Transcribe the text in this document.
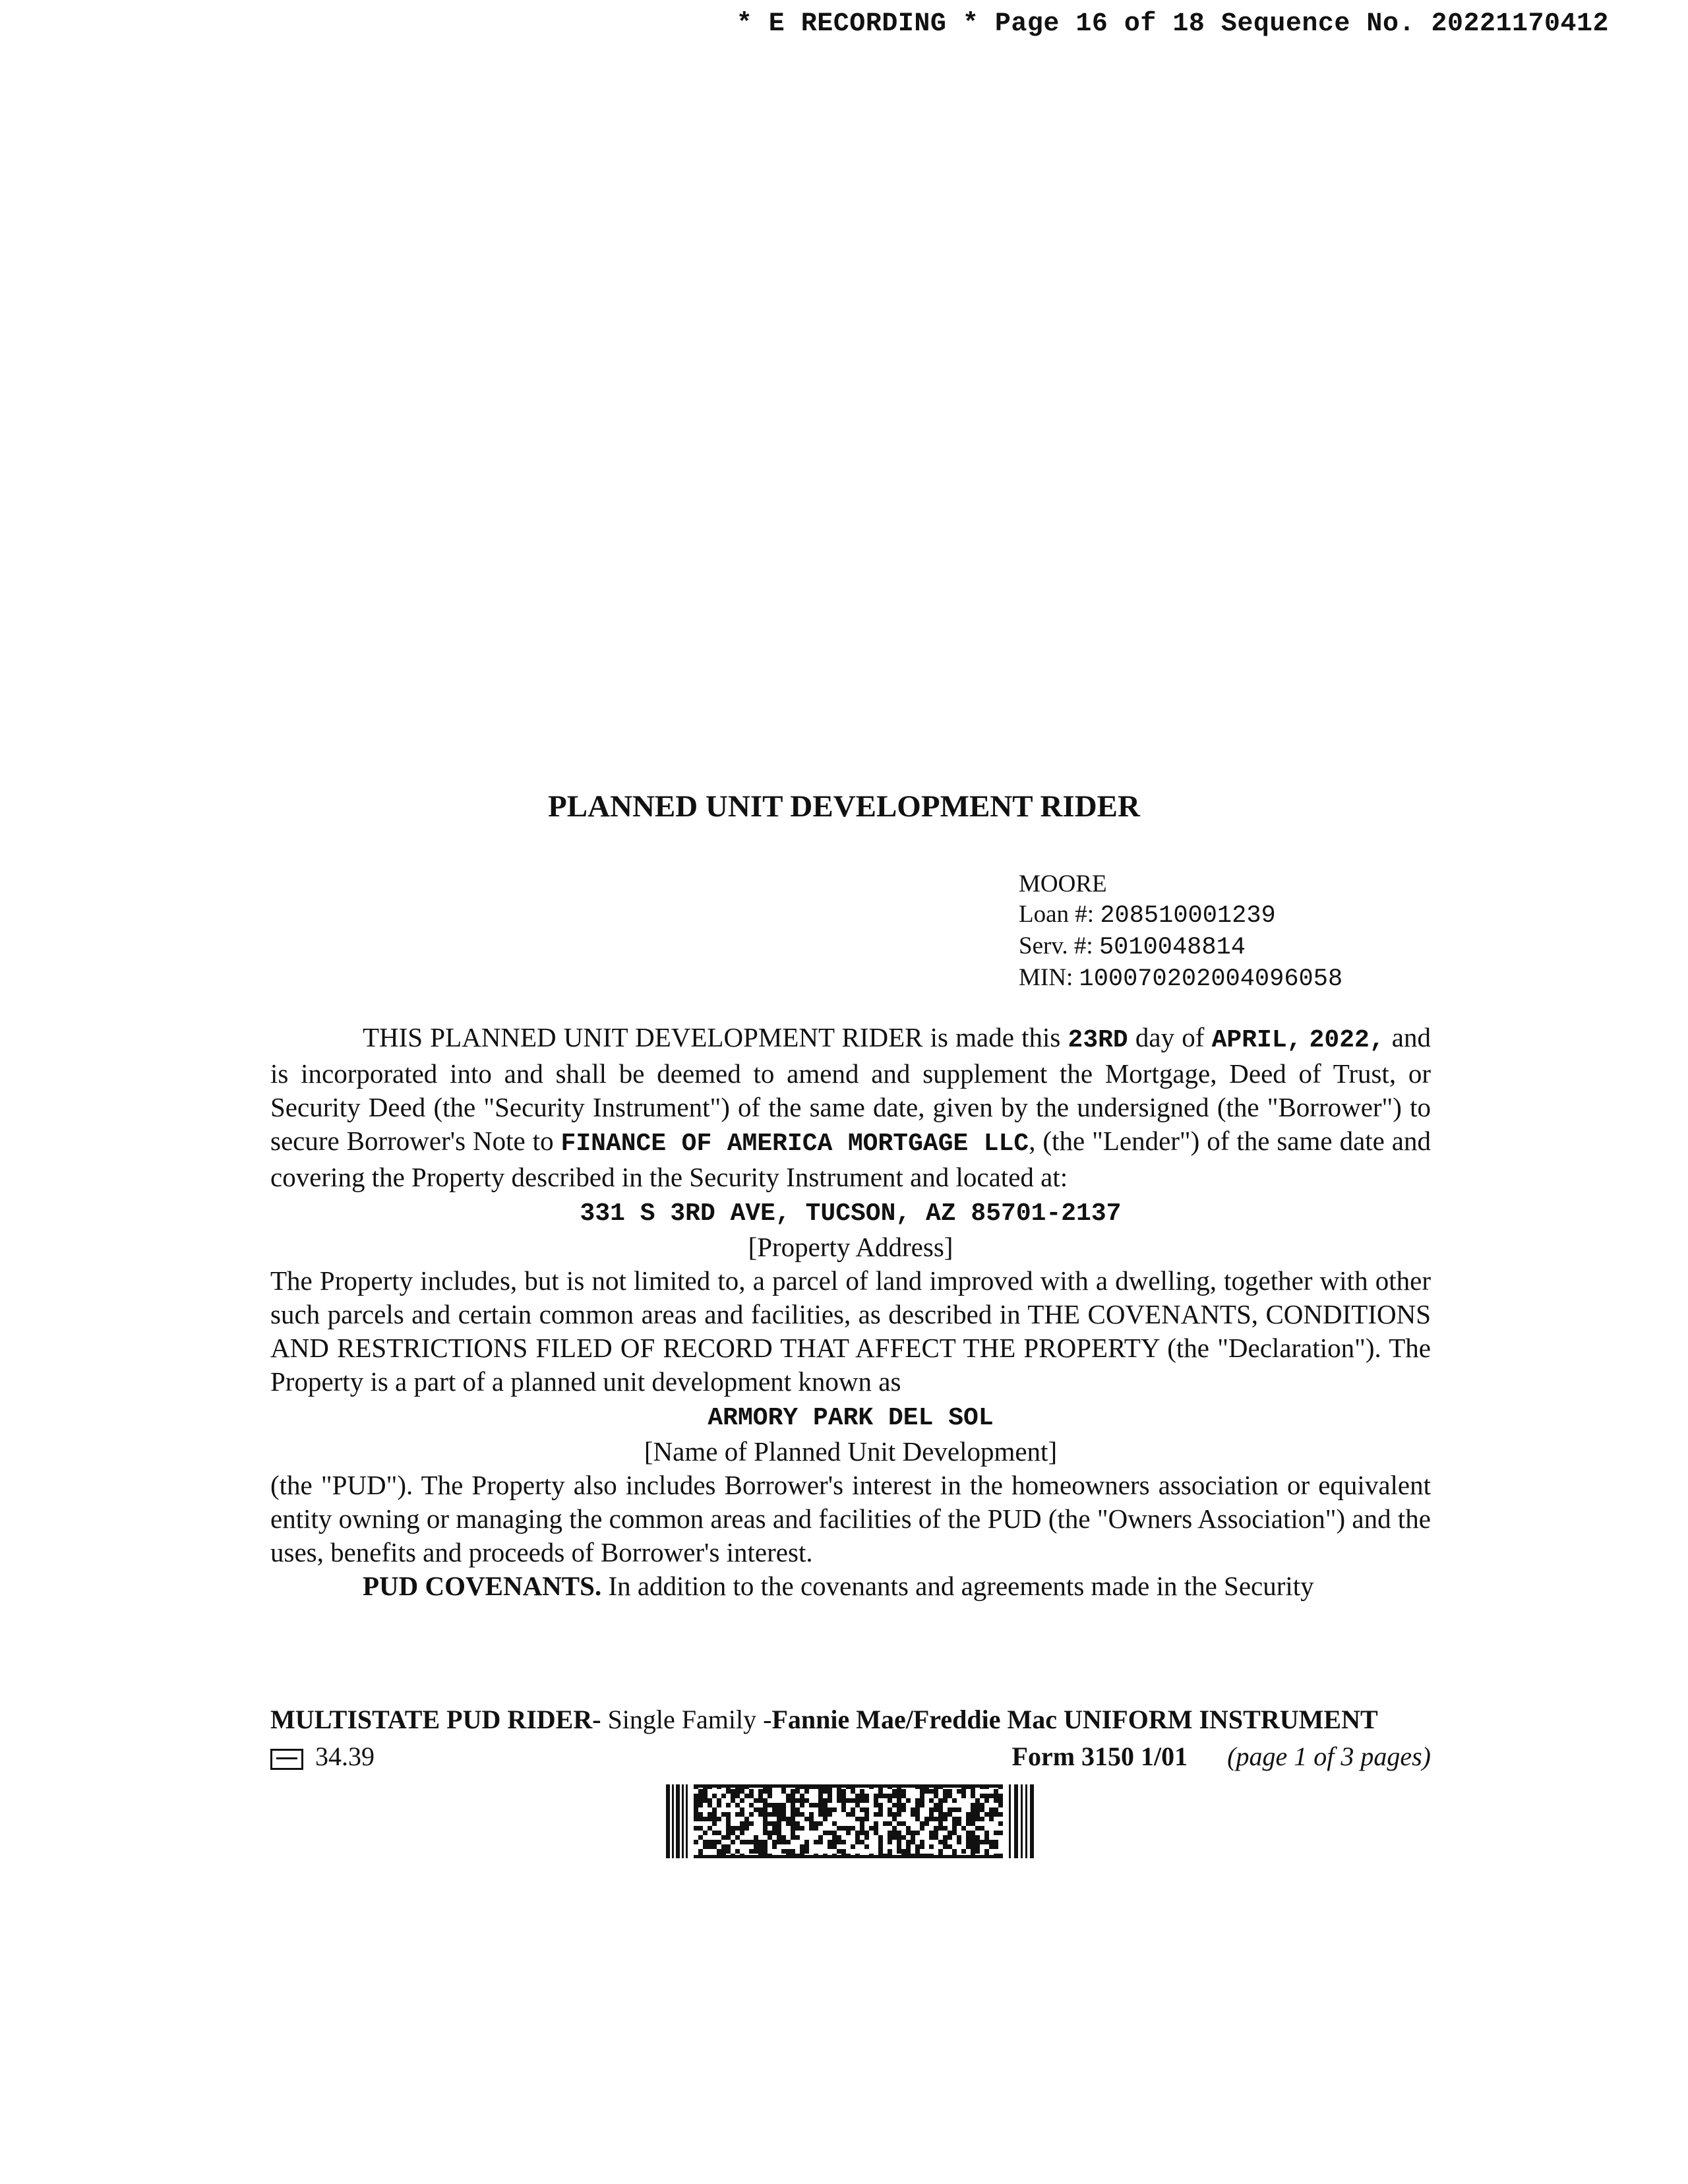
* E RECORDING * Page 16 of 18 Sequence No. 20221170412
PLANNED UNIT DEVELOPMENT RIDER
MOORE
Loan #: 208510001239
Serv. #: 5010048814
MIN: 100070202004096058

THIS PLANNED UNIT DEVELOPMENT RIDER is made this 23RD day of APRIL, 2022, and is incorporated into and shall be deemed to amend and supplement the Mortgage, Deed of Trust, or Security Deed (the "Security Instrument") of the same date, given by the undersigned (the "Borrower") to secure Borrower's Note to FINANCE OF AMERICA MORTGAGE LLC, (the "Lender") of the same date and covering the Property described in the Security Instrument and located at:

331 S 3RD AVE, TUCSON, AZ 85701-2137

[Property Address]

The Property includes, but is not limited to, a parcel of land improved with a dwelling, together with other such parcels and certain common areas and facilities, as described in THE COVENANTS, CONDITIONS AND RESTRICTIONS FILED OF RECORD THAT AFFECT THE PROPERTY (the "Declaration"). The Property is a part of a planned unit development known as

ARMORY PARK DEL SOL

[Name of Planned Unit Development]

(the "PUD"). The Property also includes Borrower's interest in the homeowners association or equivalent entity owning or managing the common areas and facilities of the PUD (the "Owners Association") and the uses, benefits and proceeds of Borrower's interest.

PUD COVENANTS. In addition to the covenants and agreements made in the Security

MULTISTATE PUD RIDER- Single Family -Fannie Mae/Freddie Mac UNIFORM INSTRUMENT
34.39	Form 3150 1/01 (page 1 of 3 pages)
